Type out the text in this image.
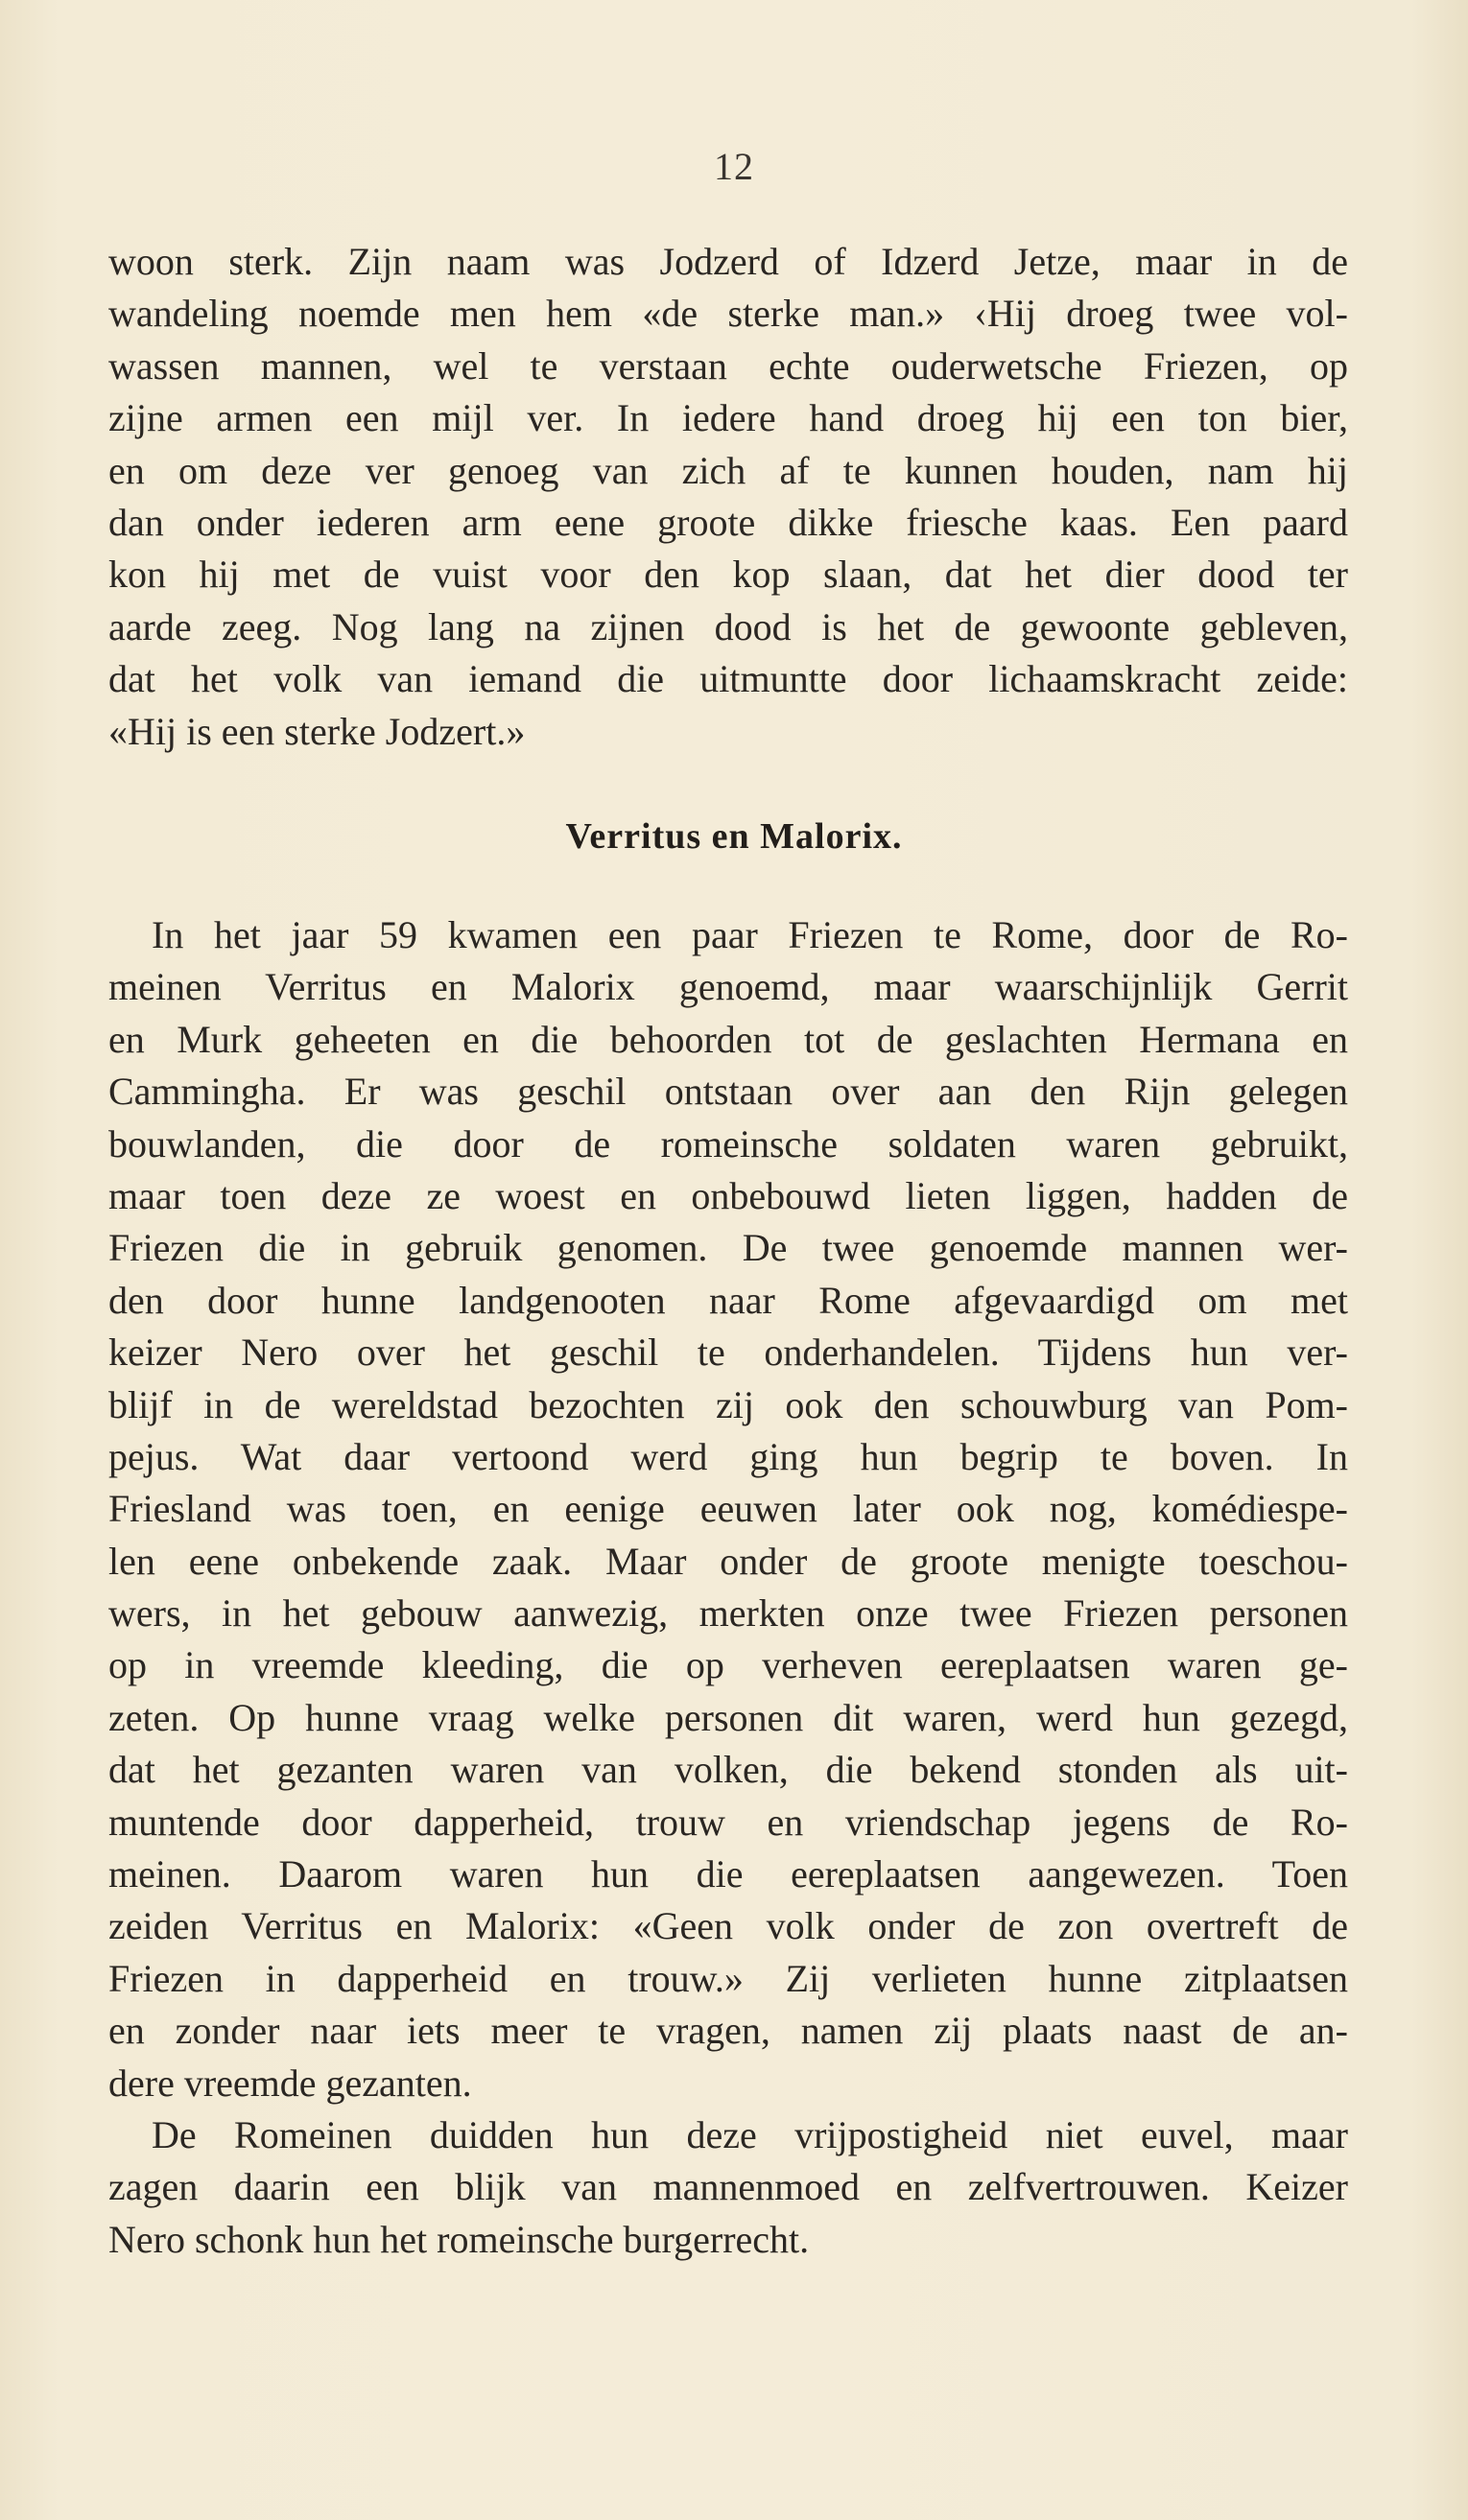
12
woon sterk. Zijn naam was Jodzerd of Idzerd Jetze, maar in de
wandeling noemde men hem «de sterke man.» ‹Hij droeg twee vol-
wassen mannen, wel te verstaan echte ouderwetsche Friezen, op
zijne armen een mijl ver. In iedere hand droeg hij een ton bier,
en om deze ver genoeg van zich af te kunnen houden, nam hij
dan onder iederen arm eene groote dikke friesche kaas. Een paard
kon hij met de vuist voor den kop slaan, dat het dier dood ter
aarde zeeg. Nog lang na zijnen dood is het de gewoonte gebleven,
dat het volk van iemand die uitmuntte door lichaamskracht zeide:
«Hij is een sterke Jodzert.»
Verritus en Malorix.
In het jaar 59 kwamen een paar Friezen te Rome, door de Ro-
meinen Verritus en Malorix genoemd, maar waarschijnlijk Gerrit
en Murk geheeten en die behoorden tot de geslachten Hermana en
Cammingha. Er was geschil ontstaan over aan den Rijn gelegen
bouwlanden, die door de romeinsche soldaten waren gebruikt,
maar toen deze ze woest en onbebouwd lieten liggen, hadden de
Friezen die in gebruik genomen. De twee genoemde mannen wer-
den door hunne landgenooten naar Rome afgevaardigd om met
keizer Nero over het geschil te onderhandelen. Tijdens hun ver-
blijf in de wereldstad bezochten zij ook den schouwburg van Pom-
pejus. Wat daar vertoond werd ging hun begrip te boven. In
Friesland was toen, en eenige eeuwen later ook nog, komédiespe-
len eene onbekende zaak. Maar onder de groote menigte toeschou-
wers, in het gebouw aanwezig, merkten onze twee Friezen personen
op in vreemde kleeding, die op verheven eereplaatsen waren ge-
zeten. Op hunne vraag welke personen dit waren, werd hun gezegd,
dat het gezanten waren van volken, die bekend stonden als uit-
muntende door dapperheid, trouw en vriendschap jegens de Ro-
meinen. Daarom waren hun die eereplaatsen aangewezen. Toen
zeiden Verritus en Malorix: «Geen volk onder de zon overtreft de
Friezen in dapperheid en trouw.» Zij verlieten hunne zitplaatsen
en zonder naar iets meer te vragen, namen zij plaats naast de an-
dere vreemde gezanten.
De Romeinen duidden hun deze vrijpostigheid niet euvel, maar
zagen daarin een blijk van mannenmoed en zelfvertrouwen. Keizer
Nero schonk hun het romeinsche burgerrecht.
